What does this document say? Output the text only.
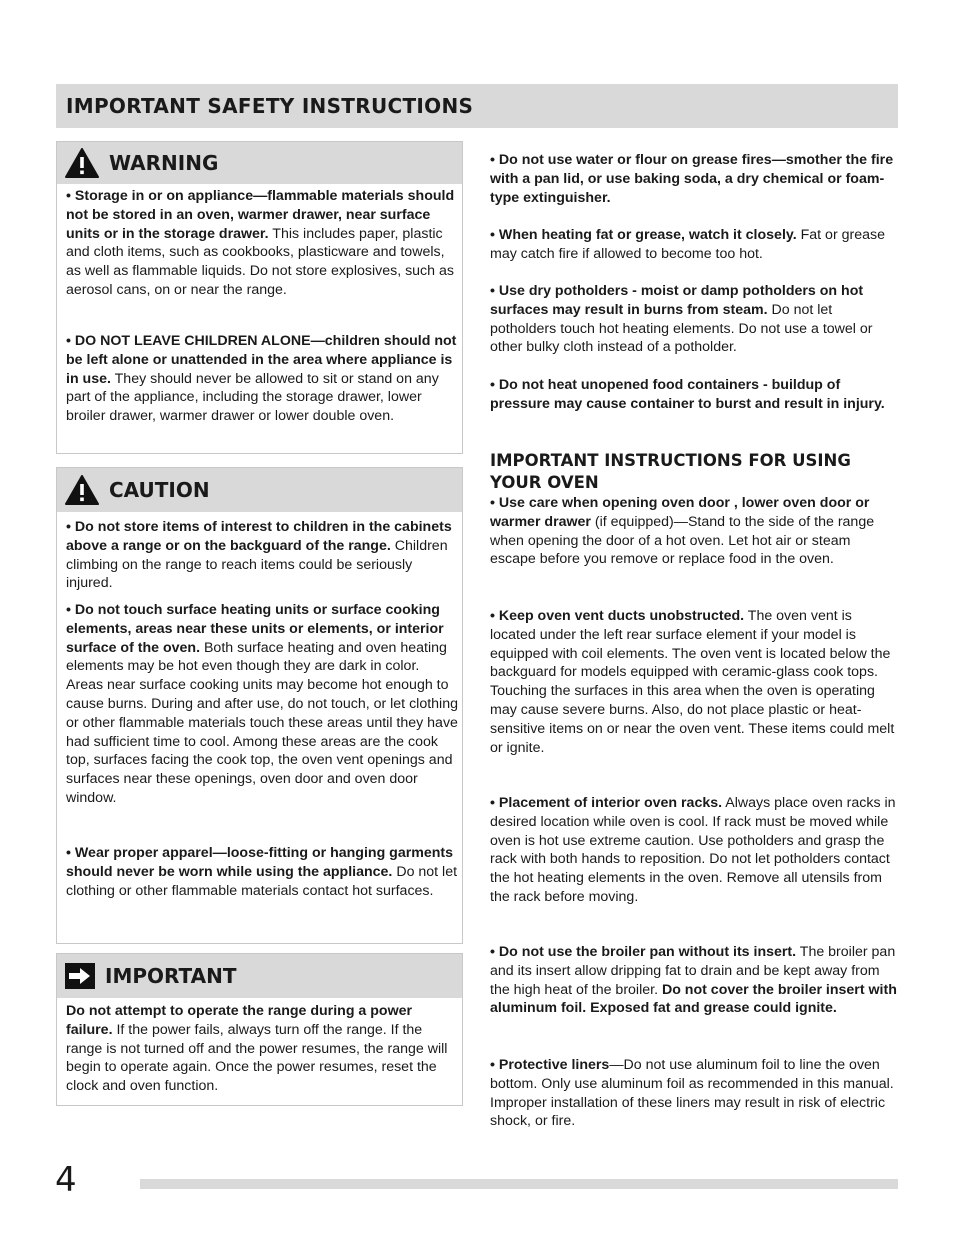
IMPORTANT SAFETY INSTRUCTIONS
WARNING
• Storage in or on appliance—flammable materials should not be stored in an oven, warmer drawer, near surface units or in the storage drawer. This includes paper, plastic and cloth items, such as cookbooks, plasticware and towels, as well as flammable liquids. Do not store explosives, such as aerosol cans, on or near the range.
• DO NOT LEAVE CHILDREN ALONE—children should not be left alone or unattended in the area where appliance is in use. They should never be allowed to sit or stand on any part of the appliance, including the storage drawer, lower broiler drawer, warmer drawer or lower double oven.
CAUTION
• Do not store items of interest to children in the cabinets above a range or on the backguard of the range. Children climbing on the range to reach items could be seriously injured.
• Do not touch surface heating units or surface cooking elements, areas near these units or elements, or interior surface of the oven. Both surface heating and oven heating elements may be hot even though they are dark in color. Areas near surface cooking units may become hot enough to cause burns. During and after use, do not touch, or let clothing or other flammable materials touch these areas until they have had sufficient time to cool. Among these areas are the cook top, surfaces facing the cook top, the oven vent openings and surfaces near these openings, oven door and oven door window.
• Wear proper apparel—loose-fitting or hanging garments should never be worn while using the appliance. Do not let clothing or other flammable materials contact hot surfaces.
IMPORTANT
Do not attempt to operate the range during a power failure. If the power fails, always turn off the range. If the range is not turned off and the power resumes, the range will begin to operate again. Once the power resumes, reset the clock and oven function.
• Do not use water or flour on grease fires—smother the fire with a pan lid, or use baking soda, a dry chemical or foam-type extinguisher.
• When heating fat or grease, watch it closely. Fat or grease may catch fire if allowed to become too hot.
• Use dry potholders - moist or damp potholders on hot surfaces may result in burns from steam. Do not let potholders touch hot heating elements. Do not use a towel or other bulky cloth instead of a potholder.
• Do not heat unopened food containers - buildup of pressure may cause container to burst and result in injury.
IMPORTANT INSTRUCTIONS FOR USING YOUR OVEN
• Use care when opening oven door , lower oven door or warmer drawer (if equipped)—Stand to the side of the range when opening the door of a hot oven. Let hot air or steam escape before you remove or replace food in the oven.
• Keep oven vent ducts unobstructed. The oven vent is located under the left rear surface element if your model is equipped with coil elements. The oven vent is located below the backguard for models equipped with ceramic-glass cook tops. Touching the surfaces in this area when the oven is operating may cause severe burns. Also, do not place plastic or heat-sensitive items on or near the oven vent. These items could melt or ignite.
• Placement of interior oven racks. Always place oven racks in desired location while oven is cool. If rack must be moved while oven is hot use extreme caution. Use potholders and grasp the rack with both hands to reposition. Do not let potholders contact the hot heating elements in the oven. Remove all utensils from the rack before moving.
• Do not use the broiler pan without its insert. The broiler pan and its insert allow dripping fat to drain and be kept away from the high heat of the broiler. Do not cover the broiler insert with aluminum foil. Exposed fat and grease could ignite.
• Protective liners—Do not use aluminum foil to line the oven bottom. Only use aluminum foil as recommended in this manual. Improper installation of these liners may result in risk of electric shock, or fire.
4
